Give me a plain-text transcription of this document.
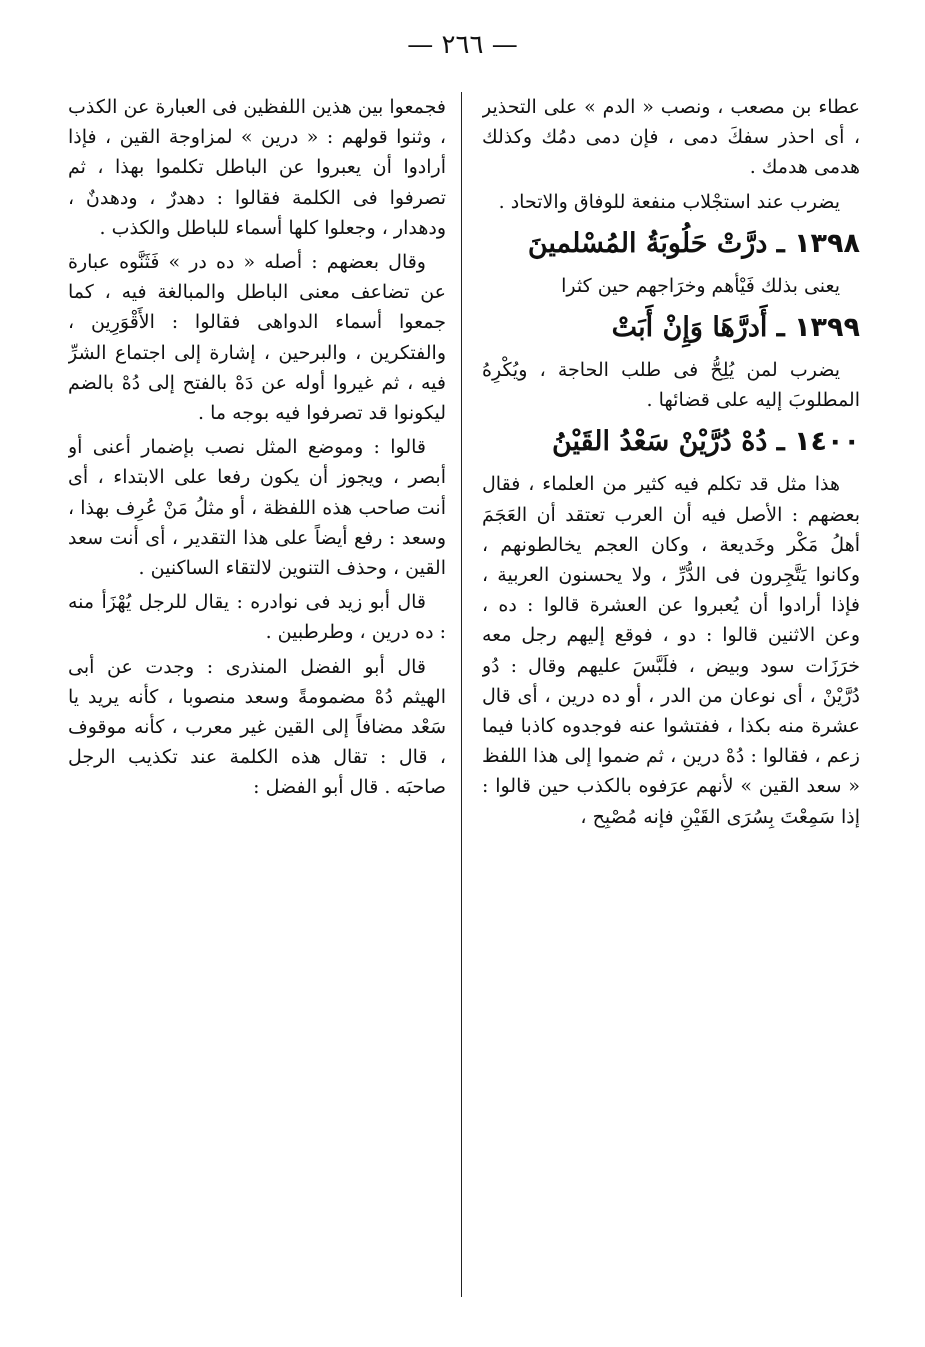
— ٢٦٦ —

عطاء بن مصعب ، ونصب « الدم » على التحذير ، أى احذر سفكَ دمى ، فإن دمى دمُك وكذلك هدمى هدمك .

يضرب عند استجْلاب منفعة للوفاق والاتحاد .

١٣٩٨ ـ درَّتْ حَلُوبَةُ المُسْلمينَ

يعنى بذلك فَيْأهم وخرَاجهم حين كثرا

١٣٩٩ ـ أَدرَّهَا وَإِنْ أَبَتْ

يضرب لمن يُلِحُّ فى طلب الحاجة ، ويُكْرِهُ المطلوبَ إليه على قضائها .

١٤٠٠ ـ دُهْ دُرَّيْنْ سَعْدُ القَيْنُ

هذا مثل قد تكلم فيه كثير من العلماء ، فقال بعضهم : الأصل فيه أن العرب تعتقد أن العَجَمَ أهلُ مَكْر وخَديعة ، وكان العجم يخالطونهم ، وكانوا يَتَّجِرون فى الدُّرِّ ، ولا يحسنون العربية ، فإذا أرادوا أن يُعبروا عن العشرة قالوا : ده ، وعن الاثنين قالوا : دو ، فوقع إليهم رجل معه خرَزَات سود وبيض ، فلَبَّسَ عليهم وقال : دُو دُرَّيْنْ ، أى نوعان من الدر ، أو ده درين ، أى قال عشرة منه بكذا ، ففتشوا عنه فوجدوه كاذبا فيما زعم ، فقالوا : دُهْ درين ، ثم ضموا إلى هذا اللفظ « سعد القين » لأنهم عرَفوه بالكذب حين قالوا : إذا سَمِعْتَ بِسُرَى القَيْنِ فإنه مُصْبِح ،

فجمعوا بين هذين اللفظين فى العبارة عن الكذب ، وثنوا قولهم : « درين » لمزاوجة القين ، فإذا أرادوا أن يعبروا عن الباطل تكلموا بهذا ، ثم تصرفوا فى الكلمة فقالوا : دهدرٌ ، ودهدنٌ ، ودهدار ، وجعلوا كلها أسماء للباطل والكذب .

وقال بعضهم : أصله « ده در » فَثَنَّوه عبارة عن تضاعف معنى الباطل والمبالغة فيه ، كما جمعوا أسماء الدواهى فقالوا : الأَقْوَرِين ، والفتكرين ، والبرحين ، إشارة إلى اجتماع الشرِّ فيه ، ثم غيروا أوله عن دَهْ بالفتح إلى دُهْ بالضم ليكونوا قد تصرفوا فيه بوجه ما .

قالوا : وموضع المثل نصب بإضمار أعنى أو أبصر ، ويجوز أن يكون رفعا على الابتداء ، أى أنت صاحب هذه اللفظة ، أو مثلُ مَنْ عُرِف بهذا ، وسعد : رفع أيضاً على هذا التقدير ، أى أنت سعد القين ، وحذف التنوين لالتقاء الساكنين .

قال أبو زيد فى نوادره : يقال للرجل يُهْزَأ منه : ده درين ، وطرطبين .

قال أبو الفضل المنذرى : وجدت عن أبى الهيثم دُهْ مضمومةً وسعد منصوبا ، كأنه يريد يا سَعْد مضافاً إلى القين غير معرب ، كأنه موقوف ، قال : تقال هذه الكلمة عند تكذيب الرجل صاحبَه . قال أبو الفضل :
